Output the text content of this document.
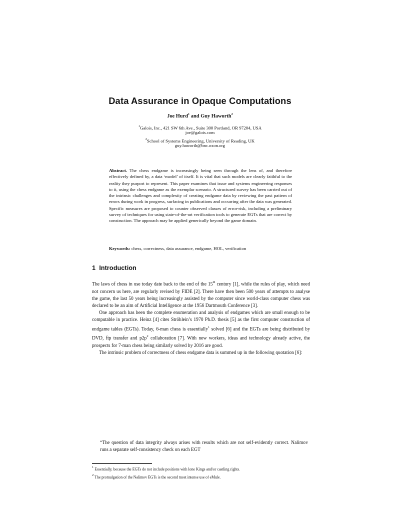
Data Assurance in Opaque Computations
Joe Hurd$^1$ and Guy Haworth$^2$
$^1$Galois, Inc., 421 SW 6th Ave., Suite 300 Portland, OR 97204, USA
joe@galois.com
$^2$School of Systems Engineering, University of Reading, UK
guy.haworth@bnc.oxon.org
Abstract. The chess endgame is increasingly being seen through the lens of, and therefore effectively defined by, a data ‘model’ of itself. It is vital that such models are clearly faithful to the reality they purport to represent. This paper examines that issue and systems engineering responses to it, using the chess endgame as the exemplar scenario. A structured survey has been carried out of the intrinsic challenges and complexity of creating endgame data by reviewing the past pattern of errors during work in progress, surfacing in publications and occurring after the data was generated. Specific measures are proposed to counter observed classes of error-risk, including a preliminary survey of techniques for using state-of-the-art verification tools to generate EGTs that are correct by construction. The approach may be applied generically beyond the game domain.
Keywords: chess, correctness, data assurance, endgame, HOL, verification
1 Introduction

The laws of chess in use today date back to the end of the 15th century [1], while the rules of play, which need not concern us here, are regularly revised by FIDE [2]. There have then been 500 years of attempts to analyse the game, the last 50 years being increasingly assisted by the computer since world-class computer chess was declared to be an aim of Artificial Intelligence at the 1956 Dartmouth Conference [3].

One approach has been the complete enumeration and analysis of endgames which are small enough to be computable in practice. Heinz [4] cites Ströhlein’s 1970 Ph.D. thesis [5] as the first computer construction of endgame tables (EGTs). Today, 6-man chess is essentially$^1$ solved [6] and the EGTs are being distributed by DVD, ftp transfer and $p2p^2$ collaboration [7]. With new workers, ideas and technology already active, the prospects for 7-man chess being similarly solved by 2016 are good.

The intrinsic problem of correctness of chess endgame data is summed up in the following quotation [6]:

“The question of data integrity always arises with results which are not self-evidently correct. Nalimov runs a separate self-consistency check on each EGT
$^1$ Essentially, because the EGTs do not include positions with lone Kings and/or castling rights.
$^2$ The promulgation of the Nalimov EGTs is the second most intense use of eMule.
